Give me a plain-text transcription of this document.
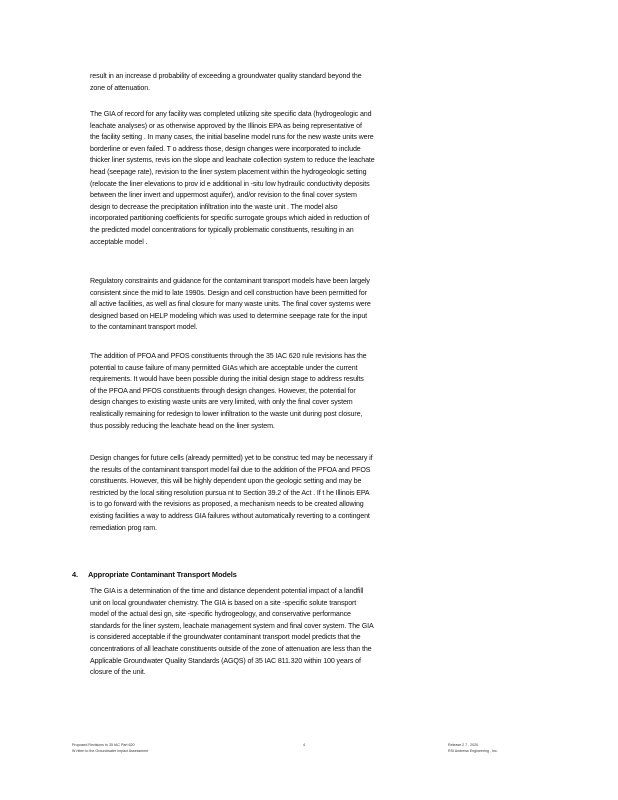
result in an increase d probability of exceeding a groundwater quality standard beyond the
zone of attenuation.

The GIA of record for any facility was completed utilizing site specific data (hydrogeologic and
leachate analyses) or as otherwise approved by the Illinois EPA as being representative of
the facility setting . In many cases, the initial baseline model runs for the new waste units were
borderline or even failed. T o address those, design changes were incorporated to include
thicker liner systems, revis ion the slope and leachate collection system to reduce the leachate
head (seepage rate), revision to the liner system placement within the hydrogeologic setting
(relocate the liner elevations to prov id e additional in -situ low hydraulic conductivity deposits
between the liner invert and uppermost aquifer), and/or revision to the final cover system
design to decrease the precipitation infiltration into the waste unit . The model also
incorporated partitioning coefficients for specific surrogate groups which aided in reduction of
the predicted model concentrations for typically problematic constituents, resulting in an
acceptable model .

Regulatory constraints and guidance for the contaminant transport models have been largely
consistent since the mid to late 1990s. Design and cell construction have been permitted for
all active facilities, as well as final closure for many waste units. The final cover systems were
designed based on HELP modeling which was used to determine seepage rate for the input
to the contaminant transport model.

The addition of PFOA and PFOS constituents through the 35 IAC 620 rule revisions has the
potential to cause failure of many permitted GIAs which are acceptable under the current
requirements. It would have been possible during the initial design stage to address results
of the PFOA and PFOS constituents through design changes. However, the potential for
design changes to existing waste units are very limited, with only the final cover system
realistically remaining for redesign to lower infiltration to the waste unit during post closure,
thus possibly reducing the leachate head on the liner system.

Design changes for future cells (already permitted) yet to be construc ted may be necessary if
the results of the contaminant transport model fail due to the addition of the PFOA and PFOS
constituents. However, this will be highly dependent upon the geologic setting and may be
restricted by the local siting resolution pursua nt to Section 39.2 of the Act . If t he Illinois EPA
is to go forward with the revisions as proposed, a mechanism needs to be created allowing
existing facilities a way to address GIA failures without automatically reverting to a contingent
remediation prog ram.

4. Appropriate Contaminant Transport Models

The GIA is a determination of the time and distance dependent potential impact of a landfill
unit on local groundwater chemistry. The GIA is based on a site -specific solute transport
model of the actual desi gn, site -specific hydrogeology, and conservative performance
standards for the liner system, leachate management system and final cover system. The GIA
is considered acceptable if the groundwater contaminant transport model predicts that the
concentrations of all leachate constituents outside of the zone of attenuation are less than the
Applicable Groundwater Quality Standards (AGQS) of 35 IAC 811.320 within 100 years of
closure of the unit.

Proposed Revisions to 35 IAC Part 620
W ritten to the Groundwater Impact Assessment
4	Release 2 7 , 2020
RSI Andrews Engineering , Inc.
